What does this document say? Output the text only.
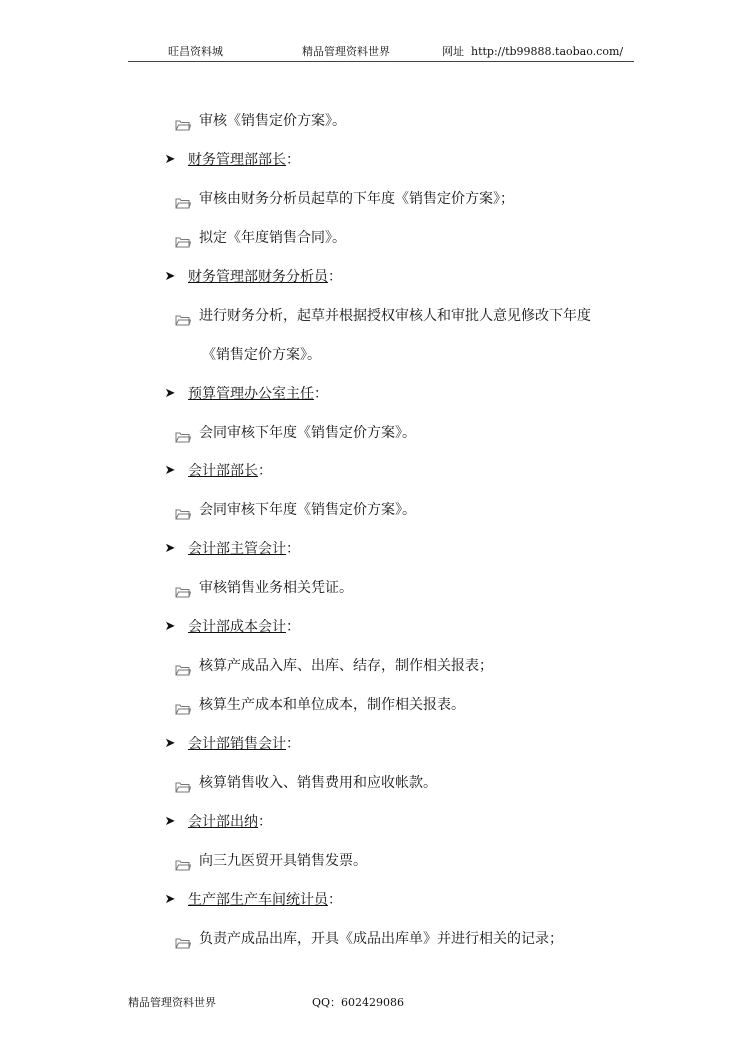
旺昌资料城	精品管理资料世界	网址 http://tb99888.taobao.com/
审核《销售定价方案》。
➤ 财务管理部部长：
审核由财务分析员起草的下年度《销售定价方案》；
拟定《年度销售合同》。
➤ 财务管理部财务分析员：
进行财务分析，起草并根据授权审核人和审批人意见修改下年度
《销售定价方案》。
➤ 预算管理办公室主任：
会同审核下年度《销售定价方案》。
➤ 会计部部长：
会同审核下年度《销售定价方案》。
➤ 会计部主管会计：
审核销售业务相关凭证。
➤ 会计部成本会计：
核算产成品入库、出库、结存，制作相关报表；
核算生产成本和单位成本，制作相关报表。
➤ 会计部销售会计：
核算销售收入、销售费用和应收帐款。
➤ 会计部出纳：
向三九医贸开具销售发票。
➤ 生产部生产车间统计员：
负责产成品出库，开具《成品出库单》并进行相关的记录；
精品管理资料世界	QQ：602429086
